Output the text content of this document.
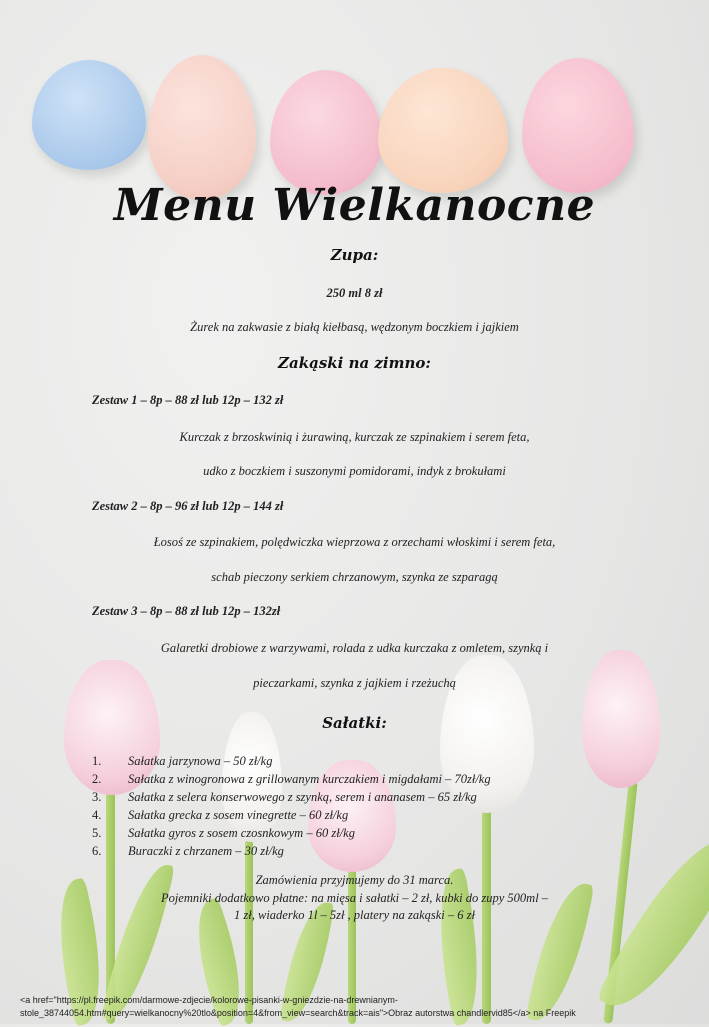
Menu Wielkanocne
Zupa:
250 ml 8 zł
Żurek na zakwasie z białą kiełbasą, wędzonym boczkiem i jajkiem
Zakąski na zimno:
Zestaw 1 – 8p – 88 zł lub 12p – 132 zł
Kurczak z brzoskwinią i żurawiną, kurczak ze szpinakiem i serem feta,
udko z boczkiem i suszonymi pomidorami, indyk z brokułami
Zestaw 2 – 8p – 96 zł lub 12p – 144 zł
Łosoś ze szpinakiem, polędwiczka wieprzowa z orzechami włoskimi i serem feta,
schab pieczony serkiem chrzanowym, szynka ze szparagą
Zestaw 3 – 8p – 88 zł lub 12p – 132zł
Galaretki drobiowe z warzywami, rolada z udka kurczaka z omletem, szynką i
pieczarkami, szynka z jajkiem i rzeżuchą
Sałatki:
1. Sałatka jarzynowa – 50 zł/kg
2. Sałatka z winogronowa z grillowanym kurczakiem i migdałami – 70zł/kg
3. Sałatka z selera konserwowego z szynką, serem i ananasem – 65 zł/kg
4. Sałatka grecka z sosem vinegrette – 60 zł/kg
5. Sałatka gyros z sosem czosnkowym – 60 zł/kg
6. Buraczki z chrzanem – 30 zł/kg
Zamówienia przyjmujemy do 31 marca.
Pojemniki dodatkowo płatne: na mięsa i sałatki – 2 zł, kubki do zupy 500ml –
1 zł, wiaderko 1l – 5zł , platery na zakąski – 6 zł
<a href="https://pl.freepik.com/darmowe-zdjecie/kolorowe-pisanki-w-gniezdzie-na-drewnianym-
stole_38744054.htm#query=wielkanocny%20tlo&position=4&from_view=search&track=ais">Obraz autorstwa chandlervid85</a> na Freepik
